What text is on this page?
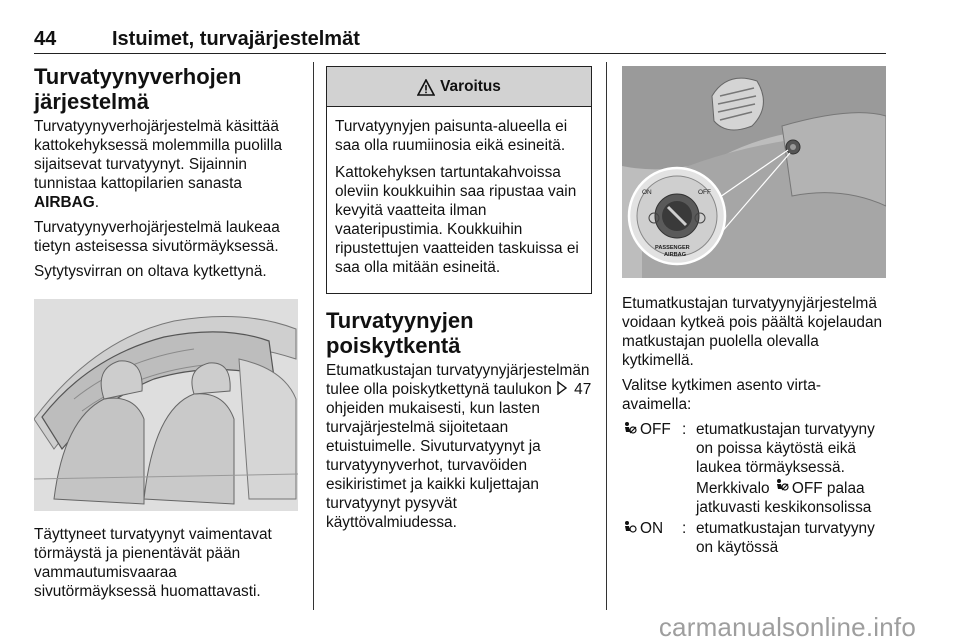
44	Istuimet, turvajärjestelmät
Turvatyynyverhojen järjestelmä

Turvatyynyverhojärjestelmä käsittää kattokehyksessä molemmilla puolilla sijaitsevat turvatyynyt. Sijainnin tunnistaa kattopilarien sanasta AIRBAG.

Turvatyynyverhojärjestelmä laukeaa tietyn asteisessa sivutörmäyksessä.

Sytytysvirran on oltava kytkettynä.

Täyttyneet turvatyynyt vaimentavat törmäystä ja pienentävät pään vammautumisvaaraa sivutörmäyksessä huomattavasti.

Varoitus

Turvatyynyjen paisunta-alueella ei saa olla ruumiinosia eikä esineitä.

Kattokehyksen tartuntakahvoissa oleviin koukkuihin saa ripustaa vain kevyitä vaatteita ilman vaateripustimia. Koukkuihin ripustettujen vaatteiden taskuissa ei saa olla mitään esineitä.

Turvatyynyjen poiskytkentä

Etumatkustajan turvatyynyjärjestelmän tulee olla poiskytkettynä taulukon 47 ohjeiden mukaisesti, kun lasten turvajärjestelmä sijoitetaan etuistuimelle. Sivuturvatyynyt ja turvatyynyverhot, turvavöiden esikiristimet ja kaikki kuljettajan turvatyynyt pysyvät käyttövalmiudessa.

ON	OFF
PASSENGER
AIRBAG

Etumatkustajan turvatyynyjärjestelmä voidaan kytkeä pois päältä kojelaudan matkustajan puolella olevalla kytkimellä.

Valitse kytkimen asento virta-avaimella:

OFF : etumatkustajan turvatyyny on poissa käytöstä eikä laukea törmäyksessä. Merkkivalo OFF palaa jatkuvasti keskikonsolissa
ON : etumatkustajan turvatyyny on käytössä
carmanualsonline.info
